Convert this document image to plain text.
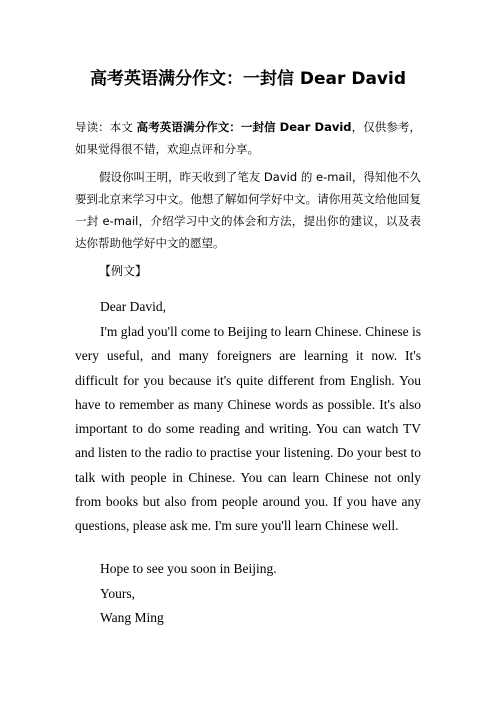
高考英语满分作文：一封信 Dear David
导读：本文 高考英语满分作文：一封信 Dear David，仅供参考，如果觉得很不错，欢迎点评和分享。
假设你叫王明，昨天收到了笔友 David 的 e-mail，得知他不久要到北京来学习中文。他想了解如何学好中文。请你用英文给他回复一封 e-mail，介绍学习中文的体会和方法，提出你的建议，以及表达你帮助他学好中文的愿望。
【例文】
Dear David,
I'm glad you'll come to Beijing to learn Chinese. Chinese is very useful, and many foreigners are learning it now. It's difficult for you because it's quite different from English. You have to remember as many Chinese words as possible. It's also important to do some reading and writing. You can watch TV and listen to the radio to practise your listening. Do your best to talk with people in Chinese. You can learn Chinese not only from books but also from people around you. If you have any questions, please ask me. I'm sure you'll learn Chinese well.
Hope to see you soon in Beijing.
Yours,
Wang Ming
